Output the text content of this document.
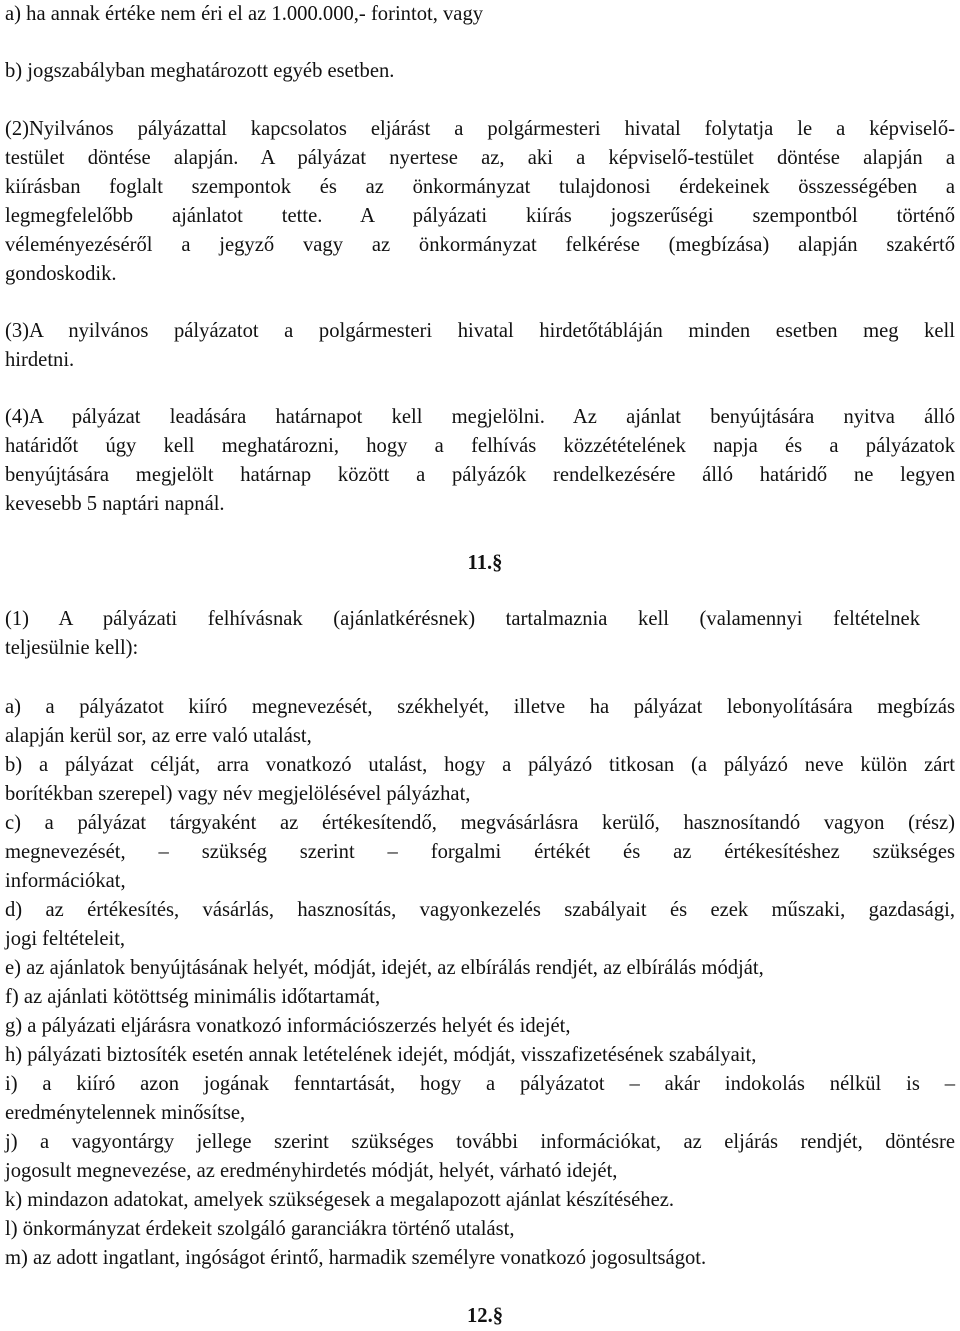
a) ha annak értéke nem éri el az 1.000.000,- forintot, vagy
b) jogszabályban meghatározott egyéb esetben.
(2)Nyilvános pályázattal kapcsolatos eljárást a polgármesteri hivatal folytatja le a képviselő-
testület döntése alapján. A pályázat nyertese az, aki a képviselő-testület döntése alapján a
kiírásban foglalt szempontok és az önkormányzat tulajdonosi érdekeinek összességében a
legmegfelelőbb ajánlatot tette. A pályázati kiírás jogszerűségi szempontból történő
véleményezéséről a jegyző vagy az önkormányzat felkérése (megbízása) alapján szakértő
gondoskodik.
(3)A nyilvános pályázatot a polgármesteri hivatal hirdetőtábláján minden esetben meg kell
hirdetni.
(4)A pályázat leadására határnapot kell megjelölni. Az ajánlat benyújtására nyitva álló
határidőt úgy kell meghatározni, hogy a felhívás közzétételének napja és a pályázatok
benyújtására megjelölt határnap között a pályázók rendelkezésére álló határidő ne legyen
kevesebb 5 naptári napnál.
11.§
(1) A pályázati felhívásnak (ajánlatkérésnek) tartalmaznia kell (valamennyi feltételnek
teljesülnie kell):
a) a pályázatot kiíró megnevezését, székhelyét, illetve ha pályázat lebonyolítására megbízás
alapján kerül sor, az erre való utalást,
b) a pályázat célját, arra vonatkozó utalást, hogy a pályázó titkosan (a pályázó neve külön zárt
borítékban szerepel) vagy név megjelölésével pályázhat,
c) a pályázat tárgyaként az értékesítendő, megvásárlásra kerülő, hasznosítandó vagyon (rész)
megnevezését, – szükség szerint – forgalmi értékét és az értékesítéshez szükséges
információkat,
d) az értékesítés, vásárlás, hasznosítás, vagyonkezelés szabályait és ezek műszaki, gazdasági,
jogi feltételeit,
e) az ajánlatok benyújtásának helyét, módját, idejét, az elbírálás rendjét, az elbírálás módját,
f) az ajánlati kötöttség minimális időtartamát,
g) a pályázati eljárásra vonatkozó információszerzés helyét és idejét,
h) pályázati biztosíték esetén annak letételének idejét, módját, visszafizetésének szabályait,
i) a kiíró azon jogának fenntartását, hogy a pályázatot – akár indokolás nélkül is –
eredménytelennek minősítse,
j) a vagyontárgy jellege szerint szükséges további információkat, az eljárás rendjét, döntésre
jogosult megnevezése, az eredményhirdetés módját, helyét, várható idejét,
k) mindazon adatokat, amelyek szükségesek a megalapozott ajánlat készítéséhez.
l) önkormányzat érdekeit szolgáló garanciákra történő utalást,
m) az adott ingatlant, ingóságot érintő, harmadik személyre vonatkozó jogosultságot.
12.§
